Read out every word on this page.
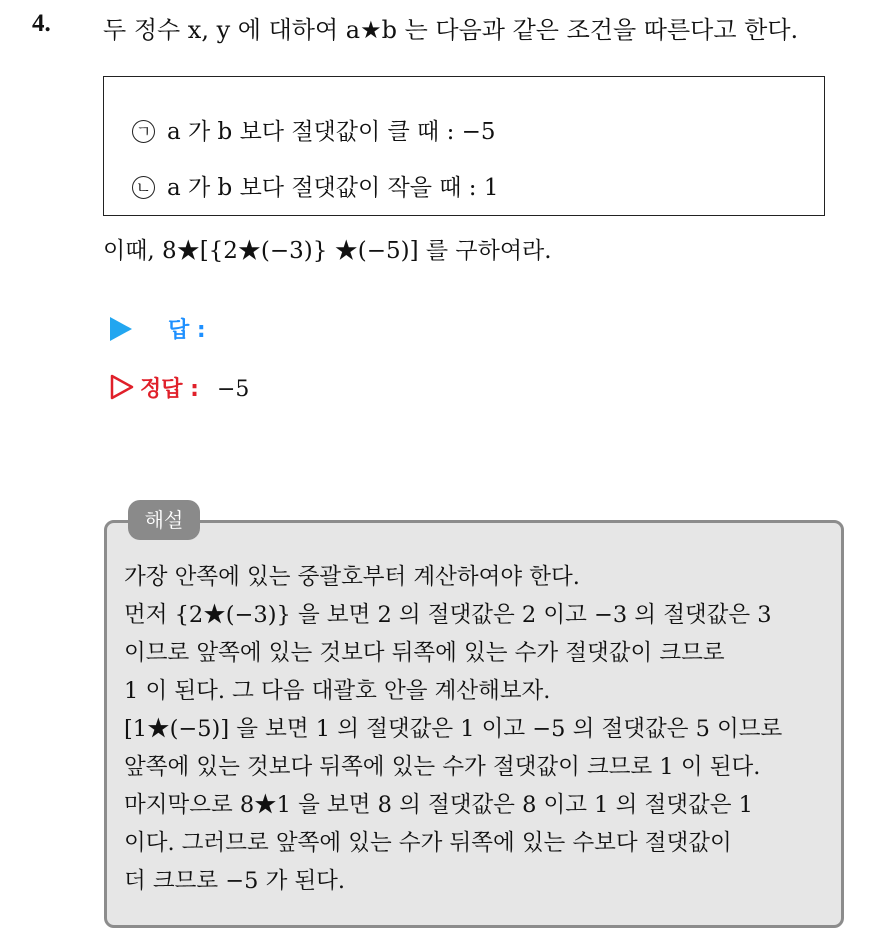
4. 두 정수 x, y 에 대하여 a★b 는 다음과 같은 조건을 따른다고 한다.
ㄱ a 가 b 보다 절댓값이 클 때 : −5
ㄴ a 가 b 보다 절댓값이 작을 때 : 1
이때, 8★[{2★(−3)} ★(−5)] 를 구하여라.
답 :
정답 : −5
해설
가장 안쪽에 있는 중괄호부터 계산하여야 한다.
먼저 {2★(−3)} 을 보면 2 의 절댓값은 2 이고 −3 의 절댓값은 3
이므로 앞쪽에 있는 것보다 뒤쪽에 있는 수가 절댓값이 크므로
1 이 된다. 그 다음 대괄호 안을 계산해보자.
[1★(−5)] 을 보면 1 의 절댓값은 1 이고 −5 의 절댓값은 5 이므로
앞쪽에 있는 것보다 뒤쪽에 있는 수가 절댓값이 크므로 1 이 된다.
마지막으로 8★1 을 보면 8 의 절댓값은 8 이고 1 의 절댓값은 1
이다. 그러므로 앞쪽에 있는 수가 뒤쪽에 있는 수보다 절댓값이
더 크므로 −5 가 된다.
